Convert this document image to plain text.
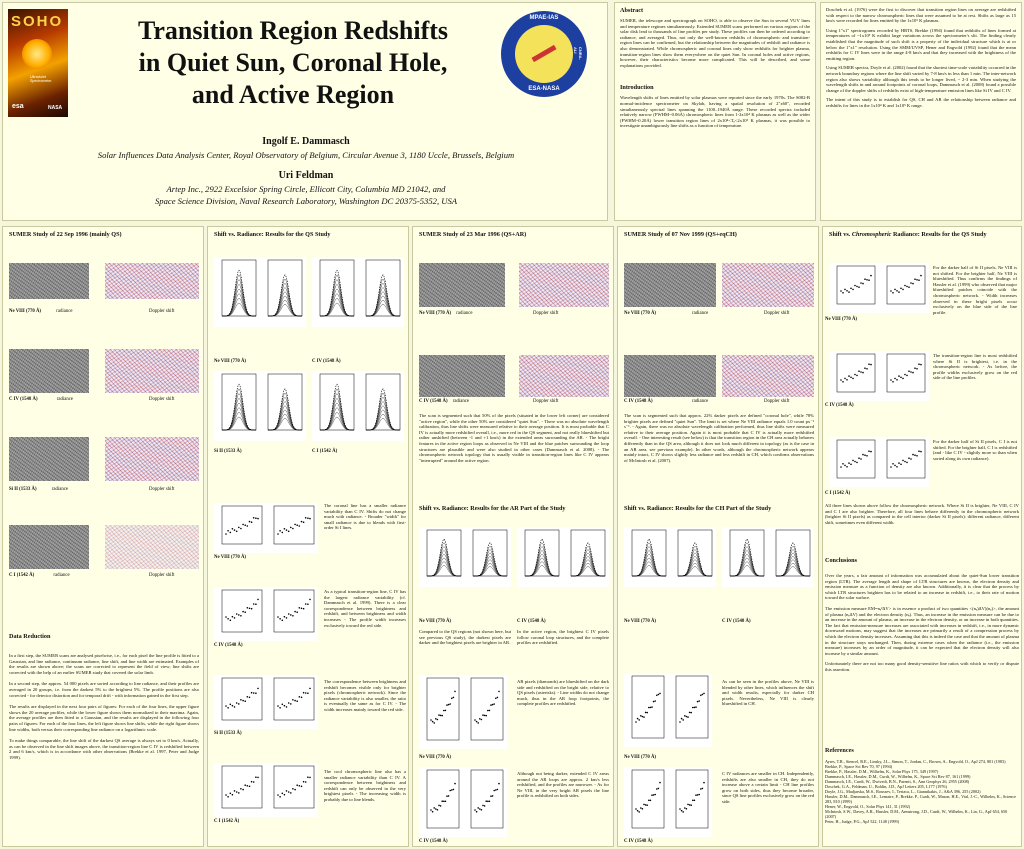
SOHO
Ultraviolet Spectrometer
esa	NASA
Transition Region Redshifts
in Quiet Sun, Coronal Hole,
and Active Region
MPAE-IAS
ESA-NASA
GSFC-OUGT	CNRA-ALI
Ingolf E. Dammasch
Solar Influences Data Analysis Center, Royal Observatory of Belgium, Circular Avenue 3, 1180 Uccle, Brussels, Belgium
Uri Feldman
Artep Inc., 2922 Excelsior Spring Circle, Ellicott City, Columbia MD 21042, and
Space Science Division, Naval Research Laboratory, Washington DC 20375-5352, USA
Abstract
SUMER, the telescope and spectrograph on SOHO, is able to observe the Sun in several VUV lines and temperature regimes simultaneously. Extended SUMER scans performed on various regions of the solar disk lead to thousands of line profiles per study. These profiles can then be ordered according to radiance, and averaged. Thus, not only the well-known redshifts of chromospheric and transition-region lines can be confirmed, but the relationship between the magnitudes of redshift and radiance is also demonstrated. While chromospheric and coronal lines only show redshifts for brighter plasma, transition-region lines show them everywhere on the quiet Sun. In coronal holes and active regions, however, their characteristics become more complicated. This will be described, and some explanations provided.
Introduction
Wavelength shifts of lines emitted by solar plasmas were reported since the early 1970s. The S082-B normal-incidence spectrometer on Skylab, having a spatial resolution of 2"x60", recorded simultaneously spectral lines spanning the 1100–1940Å range. These recorded spectra included relatively narrow (FWHM~0.06Å) chromospheric lines from 1-2x10⁴ K plasmas as well as the wider (FWHM~0.20Å) lower transition region lines of 2x10⁴<Tₑ<2x10⁵ K plasmas, it was possible to investigate unambiguously line shifts as a function of temperature.
Doschek et al. (1976) were the first to discover that transition region lines on average are redshifted with respect to the narrow chromospheric lines that were assumed to be at rest. Shifts as large as 15 km/s were recorded for lines emitted by the 1x10⁵ K plasmas.
Using 1"x1" spectrograms recorded by HRTS, Brekke (1994) found that redshifts of lines formed at temperatures of ~1x10⁵ K exhibit large variations across the spectrometer's slit. The finding clearly established that the magnitude of such shift is a property of the individual structure which is at or below the 1"x1" resolution. Using the SMM/UVSP, Hener and Engvold (1992) found that the mean redshifts for C IV lines were in the range 4-8 km/s and that they increased with the brightness of the emitting region.
Using SUMER spectra, Doyle et al. (2002) found that the shortest time-scale variability occurred in the network boundary regions where the line shift varied by 7-8 km/s in less than 1 min. The inter-network region also shows variability although this tends to be longer lived, ~ 2-3 min. When studying the wavelength shifts in and around footpoints of coronal loops, Dammasch et al. (2008) found a possible change of the doppler shifts of redshifts exist of high-temperature emission lines like Si IV and C IV.
The intent of this study is to establish for QS, CH and AR the relationship between radiance and redshifts for lines in the 1x10⁴ K and 1x10⁵ K range.
SUMER Study of 22 Sep 1996 (mainly QS)
Ne VIII (770 Å)	radiance	Doppler shift
C IV (1548 Å)	radiance	Doppler shift
Si II (1533 Å)	radiance	Doppler shift
C I (1542 Å)	radiance	Doppler shift
Data Reduction
In a first step, the SUMER scans are analysed pixelwise, i.e., for each pixel the line profile is fitted to a Gaussian, and line radiance, continuum radiance, line shift, and line width are estimated. Examples of the results are shown above; the scans are corrected to represent the field of view; line shifts are corrected with the help of an earlier SUMER study that covered the solar limb.
In a second step, the approx. 54 000 pixels are sorted according to line radiance, and their profiles are averaged in 20 groups, i.e. from the darkest 5% to the brightest 5%. The profile positions are also corrected - for detector distortion and for temporal drift - with information gained in the first step.
The results are displayed in the next four pairs of figures: For each of the four lines, the upper figure shows the 20 average profiles, while the lower figure shows them normalized to their maxima. Again, the average profiles are then fitted to a Gaussian, and the results are displayed in the following four pairs of figures: For each of the four lines, the left figure shows line shifts, while the right figure shows line widths, both versus their corresponding line radiance on a logarithmic scale.
To make things comparable, the line shift of the darkest QS average is always set to 0 km/s. Actually, as can be observed in the line shift images above, the transition-region line C IV is redshifted between 2 and 6 km/s, which is in accordance with other observations (Brekke et al. 1997, Peter and Judge 1999).
Shift vs. Radiance: Results for the QS Study
Ne VIII (770 Å)	C IV (1548 Å)
Si II (1533 Å)	C I (1542 Å)
The coronal line has a smaller radiance variability than C IV. Shifts do not change much with radiance. - Broader "width" for small radiance is due to blends with first-order Si I lines.
Ne VIII (770 Å)
As a typical transition-region line, C IV has the largest radiance variability (cf. Dammasch et al. 1999). There is a clear correspondence between brightness and redshift, and between brightness and width increases - The profile width increases exclusively toward the red side.
C IV (1548 Å)
The correspondence between brightness and redshift becomes visible only for brighter pixels (chromospheric network). Since the radiance variability is also smaller, the ratio is eventually the same as for C IV. - The width increases mainly toward the red side.
Si II (1533 Å)
The cool chromospheric line also has a smaller radiance variability than C IV. A correspondence between brightness and redshift can only be observed in the very brightest pixels - The increasing width is probably due to line blends.
C I (1542 Å)
SUMER Study of 23 Mar 1996 (QS+AR)
Ne VIII (770 Å) radiance	Doppler shift
C IV (1548 Å) radiance	Doppler shift
The scan is segmented such that 50% of the pixels (situated in the lower left corner) are considered "active region", while the other 50% are considered "quiet Sun". - There was no absolute wavelength calibration, thus line shifts were measured relative to their average position. It is most probable that C IV is actually more redshifted overall, i.e., more red in the QS segment, and not really blueshifted but rather unshifted (between -1 and +1 km/s) in the extended areas surrounding the AR. - The bright features in the active region loops as observed in Ne VIII and the blue patches surrounding the loop structures are plausible and were also studied in other cases (Dammasch et al. 2008). - The chromospheric network topology that is usually visible in transition-region lines like C IV appears "interrupted" around the active region.
Shift vs. Radiance: Results for the AR Part of the Study
Ne VIII (770 Å)	C IV (1548 Å)
Compared to the QS regions (not shown here, but see previous QS study), the darkest pixels are darker and the brightest pixels are brighter in AR.
In the active region, the brightest C IV pixels follow coronal loop structures, and the complete profiles are redshifted.
AR pixels (diamonds) are blueshifted on the dark side and redshifted on the bright side, relative to QS pixels (asterisks). - Line widths do not change much, thus in the AR loop footpoints, the complete profiles are redshifted.
Ne VIII (770 Å)
Although not being darker, extended C IV areas around the AR loops are approx. 2 km/s less redshifted, and the profiles are narrower. - As for Ne VIII, in the very bright AR pixels the line profile is redshifted on both sides.
C IV (1548 Å)
SUMER Study of 07 Nov 1999 (QS+eqCH)
Ne VIII (770 Å)	radiance	Doppler shift
C IV (1548 Å)	radiance	Doppler shift
The scan is segmented such that approx. 22% darker pixels are defined "coronal hole", while 78% brighter pixels are defined "quiet Sun". The limit is set where Ne VIII radiance equals 1.0 count px⁻¹ s⁻¹. - Again, there was no absolute wavelength calibration performed, thus line shifts were measured relative to their average position. Again it is most probable that C IV is actually more redshifted overall. - One interesting result (see below) is that the transition region in the CH area actually behaves differently than in the QS area, although it does not look much different in topology (as is the case in an AR area, see previous example). In other words, although the chromospheric network appears mainly intact, C IV shows slightly less radiance and less redshift in CH, which confirms observations of McIntosh et al. (2007).
Shift vs. Radiance: Results for the CH Part of the Study
Ne VIII (770 Å)	C IV (1548 Å)
As can be seen in the profiles above, Ne VIII is blended by other lines, which influences the shift and width results, especially for darker CH pixels. Nevertheless, Ne VIII is clearly blueshifted in CH.
Ne VIII (770 Å)
C IV radiances are smaller in CH. Independently, redshifts are also smaller in CH, they do not increase above a certain limit - CH line profiles grow on both sides, thus they become broader, since QS line profiles exclusively grow on the red side.
C IV (1548 Å)
Shift vs. Chromospheric Radiance: Results for the QS Study
Ne VIII (770 Å)
For the darker half of Si II pixels, Ne VIII is not shifted. For the brighter half, Ne VIII is blueshifted. Thus confirms the findings of Hassler et al. (1999) who observed that major blueshifted patches coincide with the chromospheric network. - Width increases observed in these bright pixels occur exclusively on the blue side of the line profile.
C IV (1548 Å)
The transition-region line is most redshifted where Si II is brightest, i.e. in the chromospheric network. - As before, the profile widths exclusively grow on the red side of the line profiles.
C I (1542 Å)
For the darker half of Si II pixels, C I is not shifted. For the brighter half, C I is redshifted (and - like C IV - slightly more so than when sorted along its own radiance).
All three lines shown above follow the chromospheric network. Where Si II is brighter, Ne VIII, C IV and C I are also brighter. Therefore, all four lines behave differently in the chromospheric network (brighter Si II pixels) as compared to the cell interior (darker Si II pixels): different radiance, different shift, sometimes even different width.
Conclusions
Over the years, a fair amount of information was accumulated about the quiet-Sun lower transition region (LTR). The average length and shape of LTR structures are known, the electron density and emission measure as a function of density are also known. Additionally, it is clear that the process by which LTR structures brighten has to be related to an increase in redshift, i.e., to their rate of motion toward the solar surface.
The emission measure EM=nₑ²ΔV> is in essence a product of two quantities <(nₑ)ΔV)(nₑ)>, the amount of plasma (nₑΔV) and the electron density (nₑ). Thus, an increase in the emission measure can be due to an increase in the amount of plasma, an increase in the electron density, or an increase in both quantities. The fact that emission-measure increases are associated with increases in redshift, i.e., in more dynamic downward motions, may suggest that the increases are primarily a result of a compression process by which the electron density increases. Assuming that this is indeed the case and that the amount of plasma in the structure stays unchanged. Then, during extreme cases when the radiance (i.e., the emission measure) increases by an order of magnitude, it can be expected that the electron density will also increase by a similar amount.
Unfortunately there are not too many good density-sensitive line ratios with which to verify or dispute this assertion.
References
Ayres, T.R., Stencel, R.E., Linsky, J.L., Simon, T., Jordan, C., Brown, A., Engvold, O., ApJ 274, 801 (1983)
Brekke, P., Space Sci Rev 70, 97 (1994)
Brekke, P., Hassler, D.M., Wilhelm, K., Solar Phys 175, 349 (1997)
Dammasch, I.E., Hassler, D.M., Curdt, W., Wilhelm, K., Space Sci Rev 87, 161 (1999)
Dammasch, I.E., Curdt, W., Dwivedi, B.N., Parenti, S., Ann Geophys 26, 2955 (2008)
Doschek, G.A., Feldman, U., Bohlin, J.D., ApJ Letters 205, L177 (1976)
Doyle, J.G., Madjarska, M.S., Roussev, I., Teriaca, L., Giannikakis, J., A&A 396, 255 (2002)
Hassler, D.M., Dammasch, I.E., Lemaire, P., Brekke, P., Curdt, W., Mason, H.E., Vial, J.-C., Wilhelm, K., Science 283, 810 (1999)
Hener, W., Engvold, O., Solar Phys 141, 31 (1992)
McIntosh, S.W., Davey, A.R., Hassler, D.M., Armstrong, J.D., Curdt, W., Wilhelm, K., Lin, G., ApJ 654, 650 (2007)
Peter, H., Judge, P.G., ApJ 522, 1148 (1999)
